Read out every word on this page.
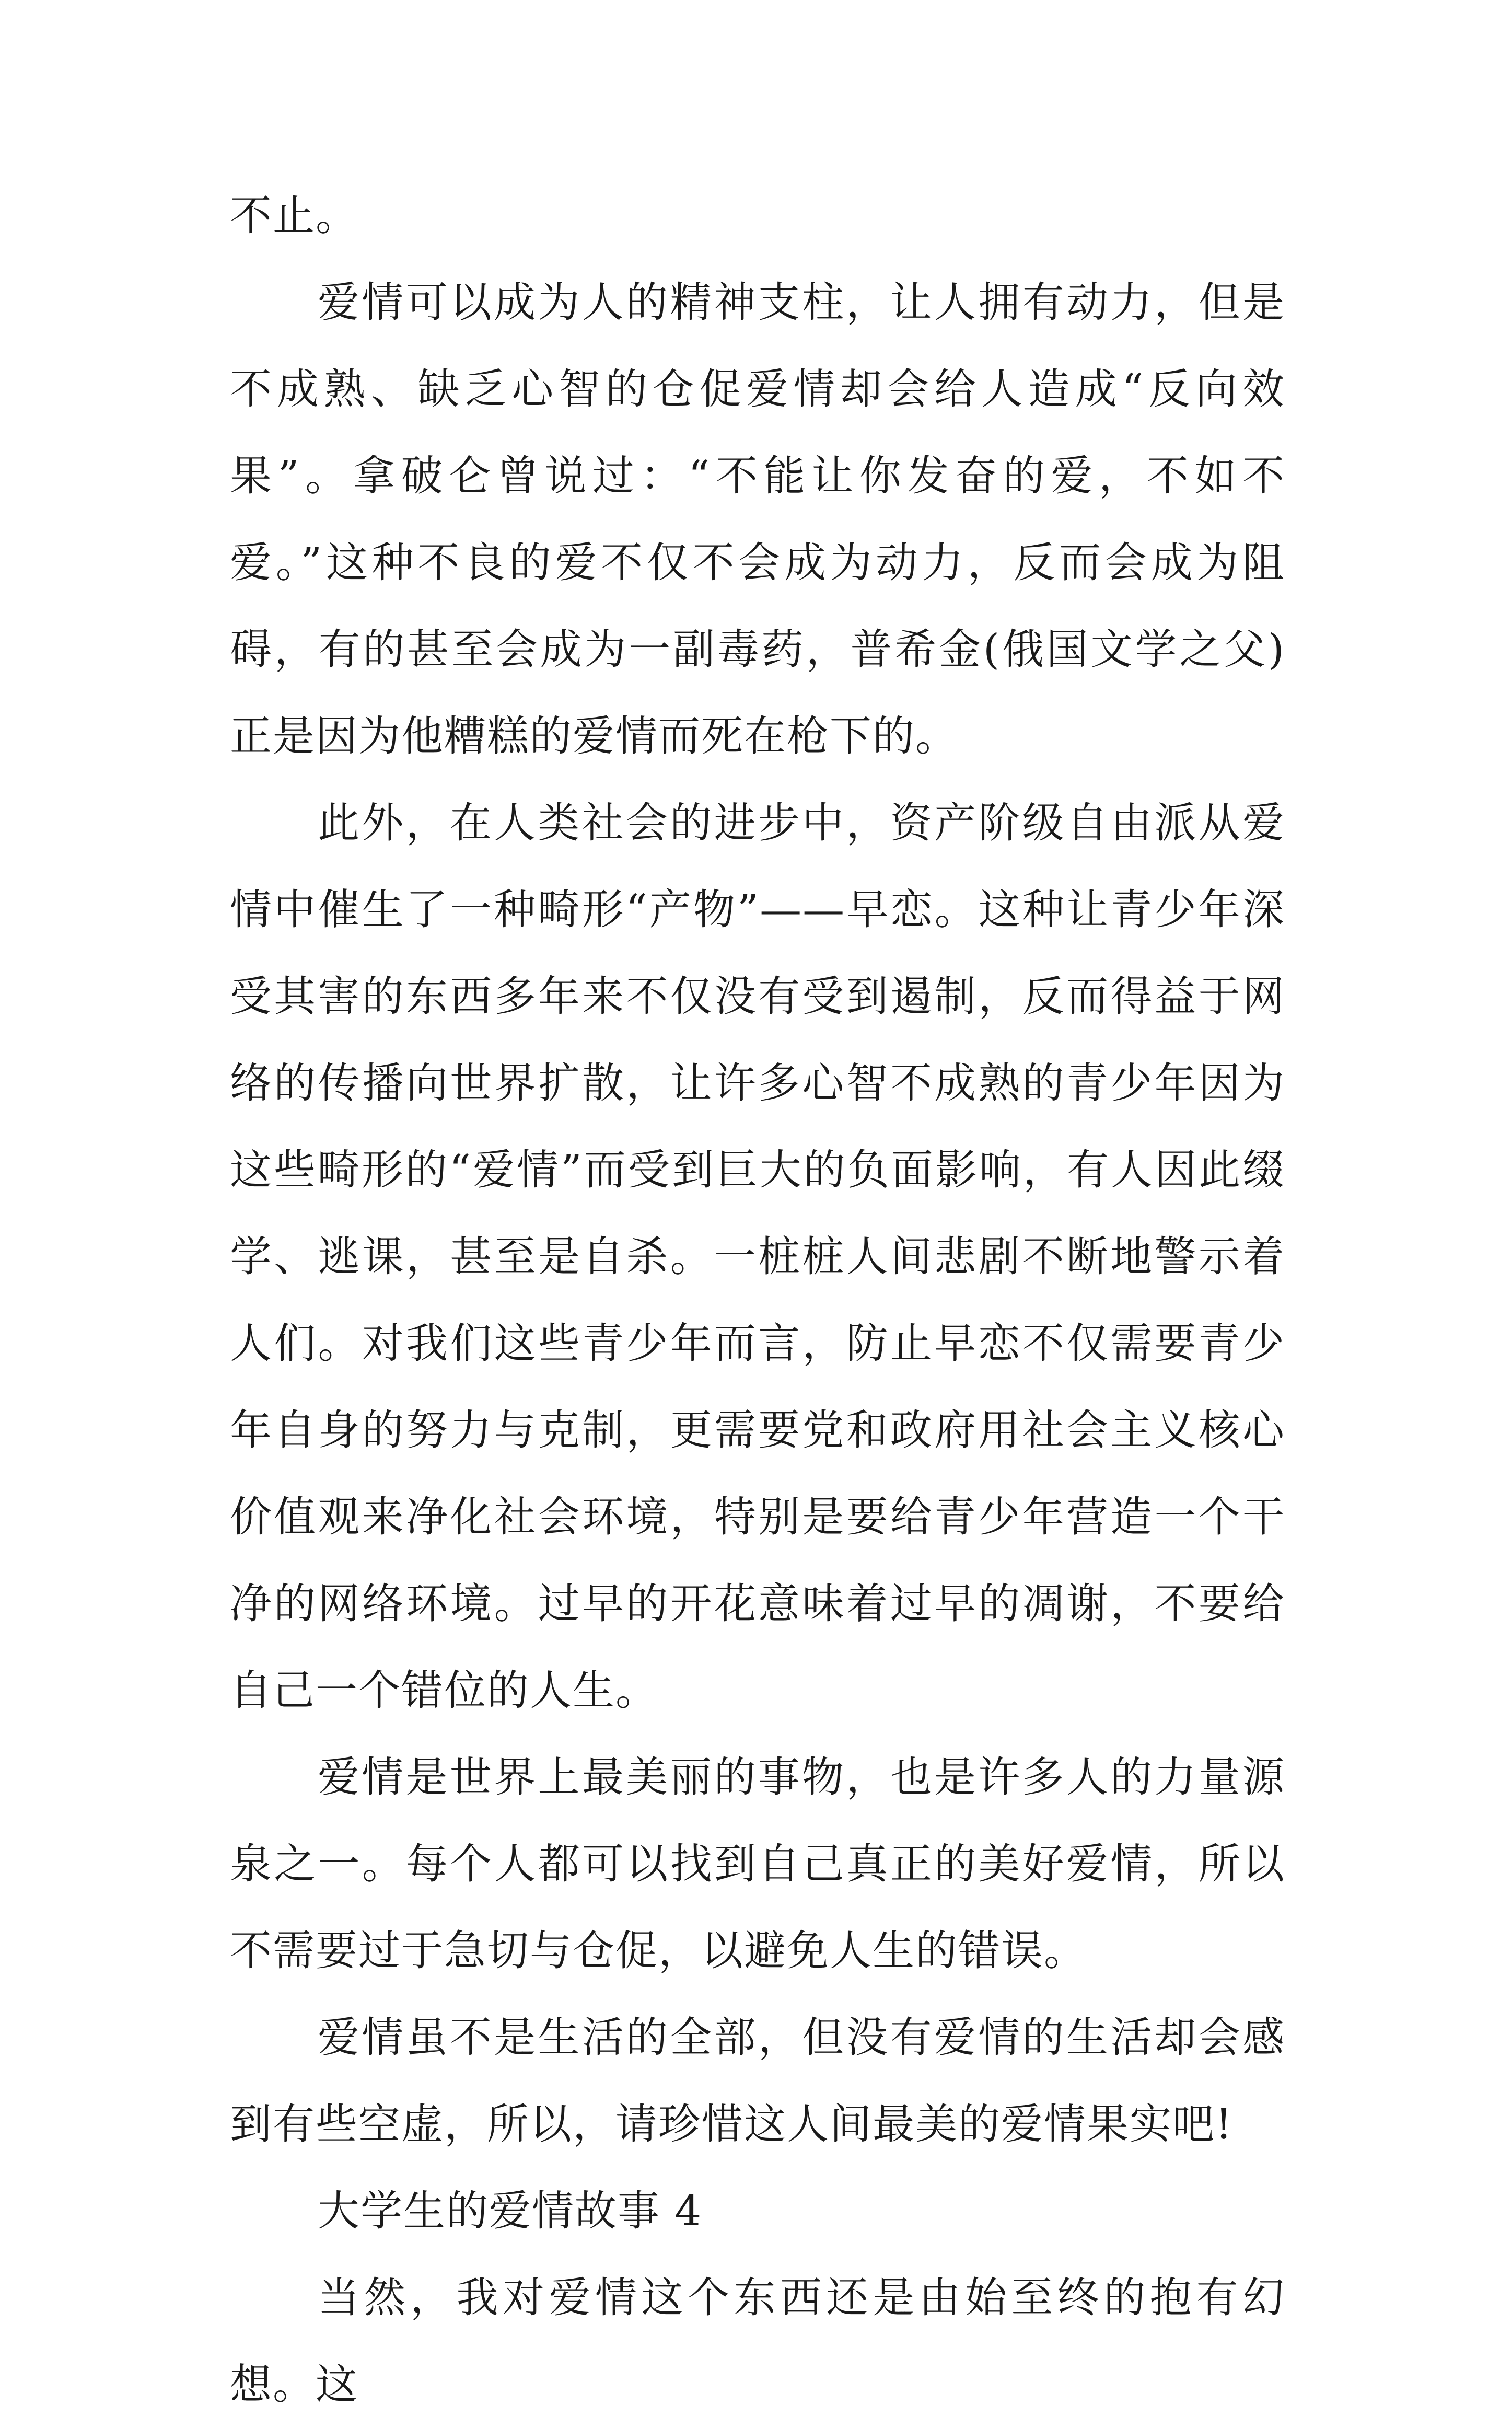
不止。

爱情可以成为人的精神支柱，让人拥有动力，但是不成熟、缺乏心智的仓促爱情却会给人造成“反向效果”。拿破仑曾说过：“不能让你发奋的爱，不如不爱。”这种不良的爱不仅不会成为动力，反而会成为阻碍，有的甚至会成为一副毒药，普希金(俄国文学之父)正是因为他糟糕的爱情而死在枪下的。

此外，在人类社会的进步中，资产阶级自由派从爱情中催生了一种畸形“产物”——早恋。这种让青少年深受其害的东西多年来不仅没有受到遏制，反而得益于网络的传播向世界扩散，让许多心智不成熟的青少年因为这些畸形的“爱情”而受到巨大的负面影响，有人因此缀学、逃课，甚至是自杀。一桩桩人间悲剧不断地警示着人们。对我们这些青少年而言，防止早恋不仅需要青少年自身的努力与克制，更需要党和政府用社会主义核心价值观来净化社会环境，特别是要给青少年营造一个干净的网络环境。过早的开花意味着过早的凋谢，不要给自己一个错位的人生。

爱情是世界上最美丽的事物，也是许多人的力量源泉之一。每个人都可以找到自己真正的美好爱情，所以不需要过于急切与仓促，以避免人生的错误。

爱情虽不是生活的全部，但没有爱情的生活却会感到有些空虚，所以，请珍惜这人间最美的爱情果实吧!

大学生的爱情故事 4

当然，我对爱情这个东西还是由始至终的抱有幻想。这
